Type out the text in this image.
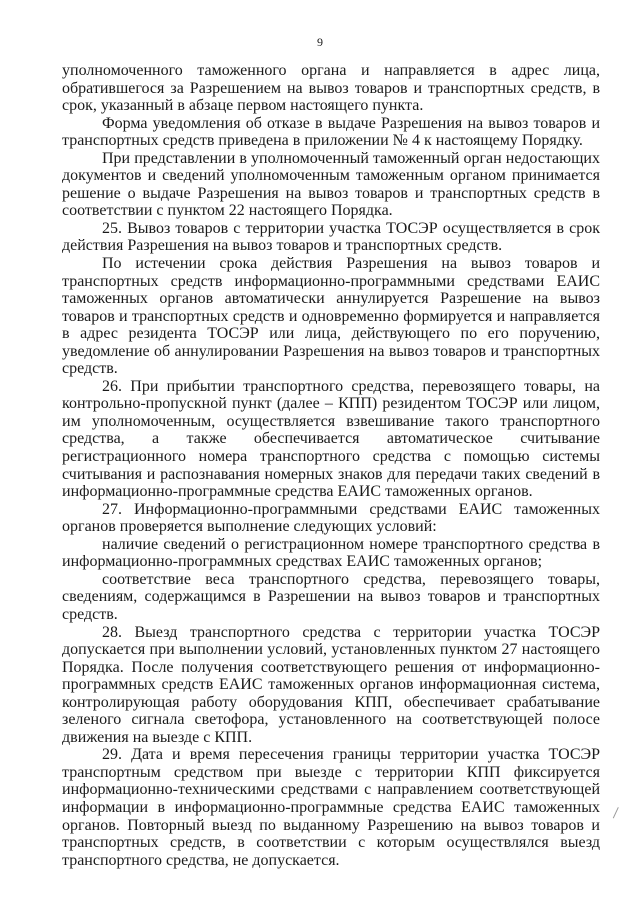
9

уполномоченного таможенного органа и направляется в адрес лица, обратившегося за Разрешением на вывоз товаров и транспортных средств, в срок, указанный в абзаце первом настоящего пункта.

Форма уведомления об отказе в выдаче Разрешения на вывоз товаров и транспортных средств приведена в приложении № 4 к настоящему Порядку.

При представлении в уполномоченный таможенный орган недостающих документов и сведений уполномоченным таможенным органом принимается решение о выдаче Разрешения на вывоз товаров и транспортных средств в соответствии с пунктом 22 настоящего Порядка.

25. Вывоз товаров с территории участка ТОСЭР осуществляется в срок действия Разрешения на вывоз товаров и транспортных средств.

По истечении срока действия Разрешения на вывоз товаров и транспортных средств информационно-программными средствами ЕАИС таможенных органов автоматически аннулируется Разрешение на вывоз товаров и транспортных средств и одновременно формируется и направляется в адрес резидента ТОСЭР или лица, действующего по его поручению, уведомление об аннулировании Разрешения на вывоз товаров и транспортных средств.

26. При прибытии транспортного средства, перевозящего товары, на контрольно-пропускной пункт (далее – КПП) резидентом ТОСЭР или лицом, им уполномоченным, осуществляется взвешивание такого транспортного средства, а также обеспечивается автоматическое считывание регистрационного номера транспортного средства с помощью системы считывания и распознавания номерных знаков для передачи таких сведений в информационно-программные средства ЕАИС таможенных органов.

27. Информационно-программными средствами ЕАИС таможенных органов проверяется выполнение следующих условий:

наличие сведений о регистрационном номере транспортного средства в информационно-программных средствах ЕАИС таможенных органов;

соответствие веса транспортного средства, перевозящего товары, сведениям, содержащимся в Разрешении на вывоз товаров и транспортных средств.

28. Выезд транспортного средства с территории участка ТОСЭР допускается при выполнении условий, установленных пунктом 27 настоящего Порядка. После получения соответствующего решения от информационно-программных средств ЕАИС таможенных органов информационная система, контролирующая работу оборудования КПП, обеспечивает срабатывание зеленого сигнала светофора, установленного на соответствующей полосе движения на выезде с КПП.

29. Дата и время пересечения границы территории участка ТОСЭР транспортным средством при выезде с территории КПП фиксируется информационно-техническими средствами с направлением соответствующей информации в информационно-программные средства ЕАИС таможенных органов. Повторный выезд по выданному Разрешению на вывоз товаров и транспортных средств, в соответствии с которым осуществлялся выезд транспортного средства, не допускается.
